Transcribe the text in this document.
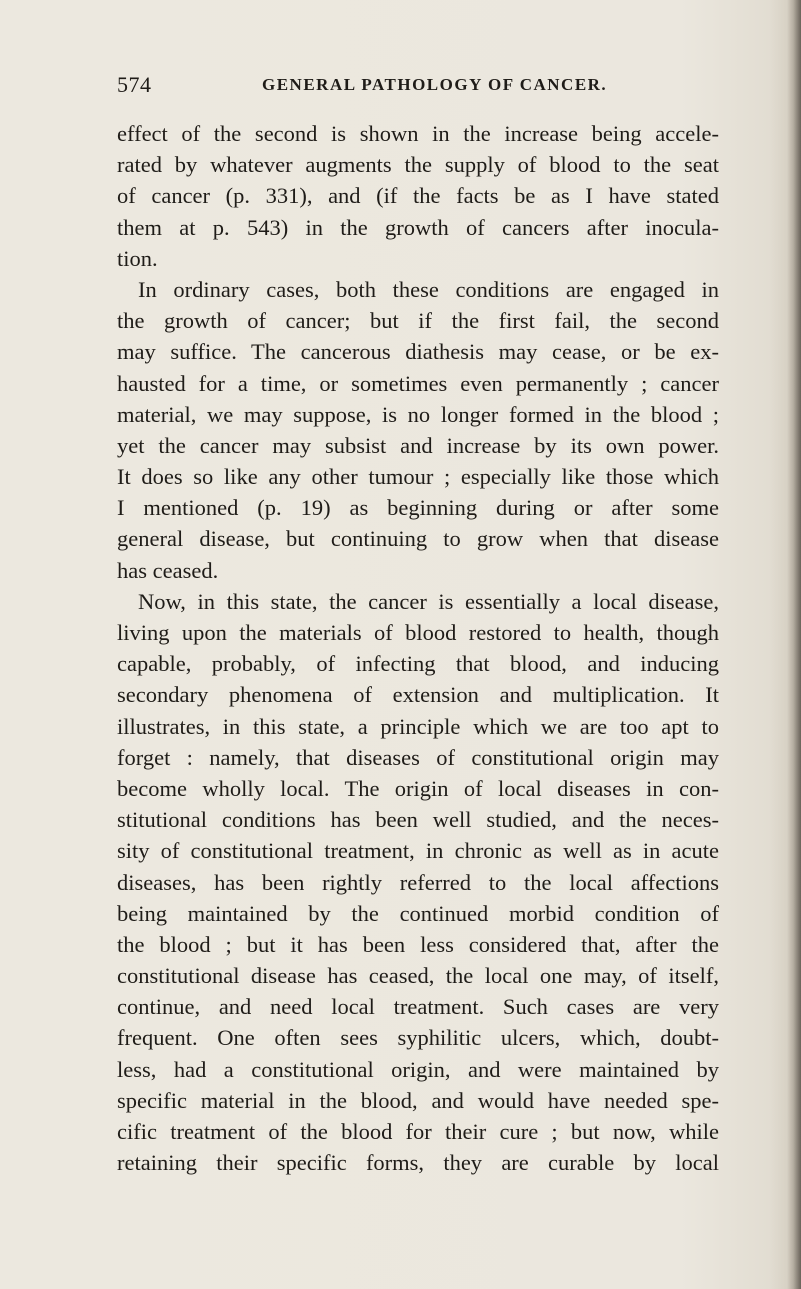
574	GENERAL PATHOLOGY OF CANCER.
effect of the second is shown in the increase being accele-
rated by whatever augments the supply of blood to the seat
of cancer (p. 331), and (if the facts be as I have stated
them at p. 543) in the growth of cancers after inocula-
tion.
In ordinary cases, both these conditions are engaged in
the growth of cancer; but if the first fail, the second
may suffice. The cancerous diathesis may cease, or be ex-
hausted for a time, or sometimes even permanently ; cancer
material, we may suppose, is no longer formed in the blood ;
yet the cancer may subsist and increase by its own power.
It does so like any other tumour ; especially like those which
I mentioned (p. 19) as beginning during or after some
general disease, but continuing to grow when that disease
has ceased.
Now, in this state, the cancer is essentially a local disease,
living upon the materials of blood restored to health, though
capable, probably, of infecting that blood, and inducing
secondary phenomena of extension and multiplication. It
illustrates, in this state, a principle which we are too apt to
forget : namely, that diseases of constitutional origin may
become wholly local. The origin of local diseases in con-
stitutional conditions has been well studied, and the neces-
sity of constitutional treatment, in chronic as well as in acute
diseases, has been rightly referred to the local affections
being maintained by the continued morbid condition of
the blood ; but it has been less considered that, after the
constitutional disease has ceased, the local one may, of itself,
continue, and need local treatment. Such cases are very
frequent. One often sees syphilitic ulcers, which, doubt-
less, had a constitutional origin, and were maintained by
specific material in the blood, and would have needed spe-
cific treatment of the blood for their cure ; but now, while
retaining their specific forms, they are curable by local
